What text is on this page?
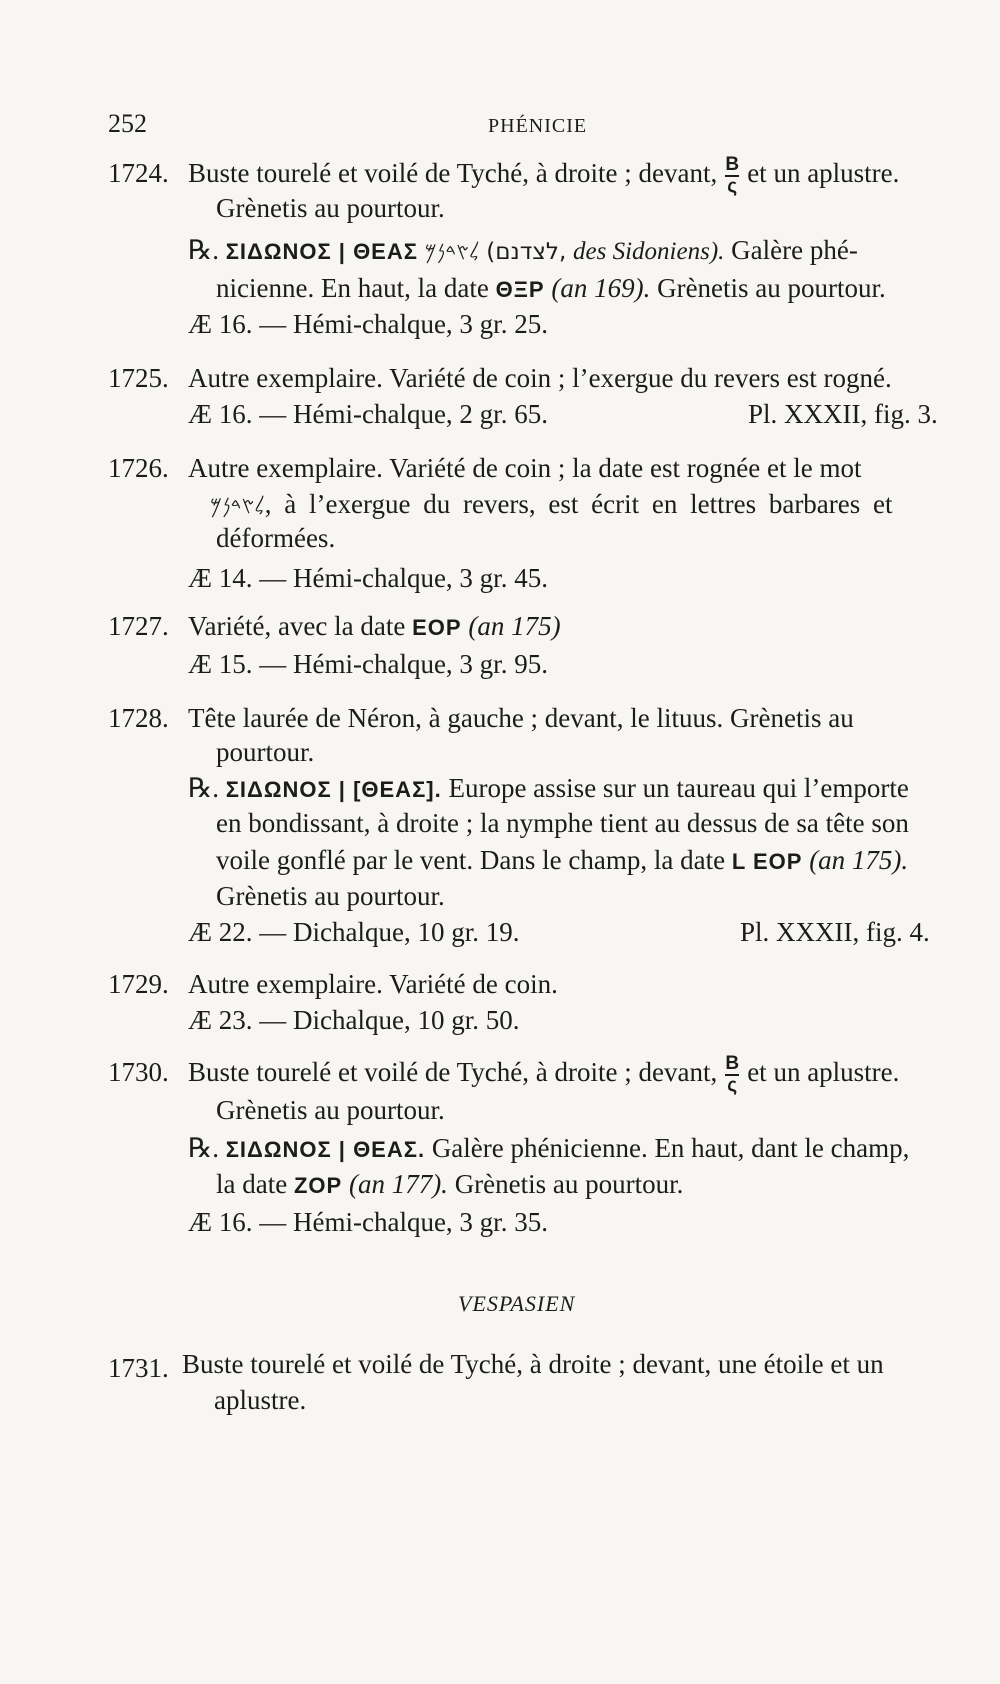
252	PHÉNICIE
1724. Buste tourelé et voilé de Tyché, à droite ; devant, $\frac{B}{\varsigma}$ et un aplustre.
Grènetis au pourtour.
℞. ΣΙΔΩΝΟΣ | ΘΕΑΣ 𐤋𐤑𐤃𐤍𐤌 (לצדנם, des Sidoniens). Galère phé-
nicienne. En haut, la date ΘΞΡ (an 169). Grènetis au pourtour.
Æ 16. — Hémi-chalque, 3 gr. 25.
1725. Autre exemplaire. Variété de coin ; l’exergue du revers est rogné.
Æ 16. — Hémi-chalque, 2 gr. 65.	Pl. XXXII, fig. 3.
1726. Autre exemplaire. Variété de coin ; la date est rognée et le mot
𐤋𐤑𐤃𐤍𐤌, à l’exergue du revers, est écrit en lettres barbares et
déformées.
Æ 14. — Hémi-chalque, 3 gr. 45.
1727. Variété, avec la date ΕΟΡ (an 175)
Æ 15. — Hémi-chalque, 3 gr. 95.
1728. Tête laurée de Néron, à gauche ; devant, le lituus. Grènetis au
pourtour.
℞. ΣΙΔΩΝΟΣ | [ΘΕΑΣ]. Europe assise sur un taureau qui l’emporte
en bondissant, à droite ; la nymphe tient au dessus de sa tête son
voile gonflé par le vent. Dans le champ, la date L ΕΟΡ (an 175).
Grènetis au pourtour.
Æ 22. — Dichalque, 10 gr. 19.	Pl. XXXII, fig. 4.
1729. Autre exemplaire. Variété de coin.
Æ 23. — Dichalque, 10 gr. 50.
1730. Buste tourelé et voilé de Tyché, à droite ; devant, $\frac{B}{\varsigma}$ et un aplustre.
Grènetis au pourtour.
℞. ΣΙΔΩΝΟΣ | ΘΕΑΣ. Galère phénicienne. En haut, dant le champ,
la date ΖΟΡ (an 177). Grènetis au pourtour.
Æ 16. — Hémi-chalque, 3 gr. 35.
VESPASIEN
1731. Buste tourelé et voilé de Tyché, à droite ; devant, une étoile et un
aplustre.
